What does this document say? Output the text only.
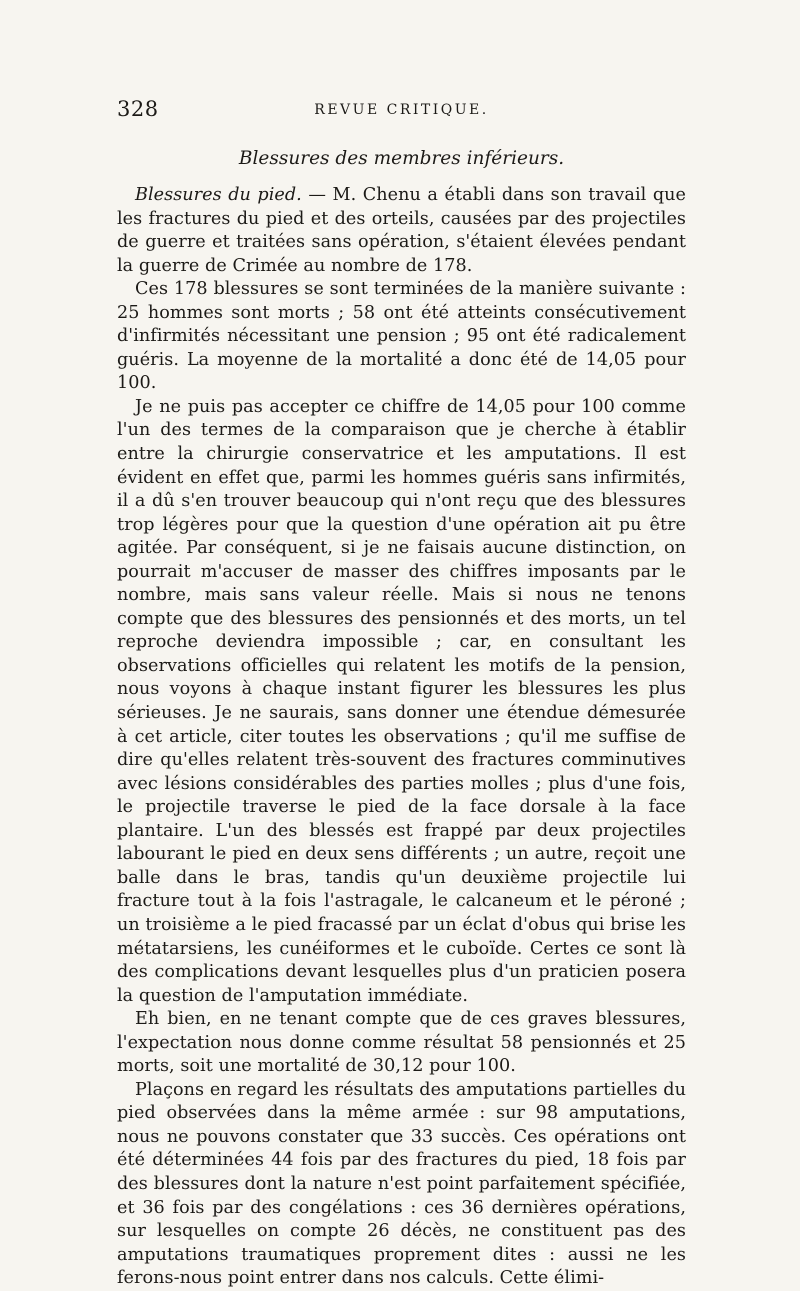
328	REVUE CRITIQUE.
Blessures des membres inférieurs.

Blessures du pied. — M. Chenu a établi dans son travail que les fractures du pied et des orteils, causées par des projectiles de guerre et traitées sans opération, s'étaient élevées pendant la guerre de Crimée au nombre de 178.

Ces 178 blessures se sont terminées de la manière suivante : 25 hommes sont morts ; 58 ont été atteints consécutivement d'infirmités nécessitant une pension ; 95 ont été radicalement guéris. La moyenne de la mortalité a donc été de 14,05 pour 100.

Je ne puis pas accepter ce chiffre de 14,05 pour 100 comme l'un des termes de la comparaison que je cherche à établir entre la chirurgie conservatrice et les amputations. Il est évident en effet que, parmi les hommes guéris sans infirmités, il a dû s'en trouver beaucoup qui n'ont reçu que des blessures trop légères pour que la question d'une opération ait pu être agitée. Par conséquent, si je ne faisais aucune distinction, on pourrait m'accuser de masser des chiffres imposants par le nombre, mais sans valeur réelle. Mais si nous ne tenons compte que des blessures des pensionnés et des morts, un tel reproche deviendra impossible ; car, en consultant les observations officielles qui relatent les motifs de la pension, nous voyons à chaque instant figurer les blessures les plus sérieuses. Je ne saurais, sans donner une étendue démesurée à cet article, citer toutes les observations ; qu'il me suffise de dire qu'elles relatent très-souvent des fractures comminutives avec lésions considérables des parties molles ; plus d'une fois, le projectile traverse le pied de la face dorsale à la face plantaire. L'un des blessés est frappé par deux projectiles labourant le pied en deux sens différents ; un autre, reçoit une balle dans le bras, tandis qu'un deuxième projectile lui fracture tout à la fois l'astragale, le calcaneum et le péroné ; un troisième a le pied fracassé par un éclat d'obus qui brise les métatarsiens, les cunéiformes et le cuboïde. Certes ce sont là des complications devant lesquelles plus d'un praticien posera la question de l'amputation immédiate.

Eh bien, en ne tenant compte que de ces graves blessures, l'expectation nous donne comme résultat 58 pensionnés et 25 morts, soit une mortalité de 30,12 pour 100.

Plaçons en regard les résultats des amputations partielles du pied observées dans la même armée : sur 98 amputations, nous ne pouvons constater que 33 succès. Ces opérations ont été déterminées 44 fois par des fractures du pied, 18 fois par des blessures dont la nature n'est point parfaitement spécifiée, et 36 fois par des congélations : ces 36 dernières opérations, sur lesquelles on compte 26 décès, ne constituent pas des amputations traumatiques proprement dites : aussi ne les ferons-nous point entrer dans nos calculs. Cette élimi-
